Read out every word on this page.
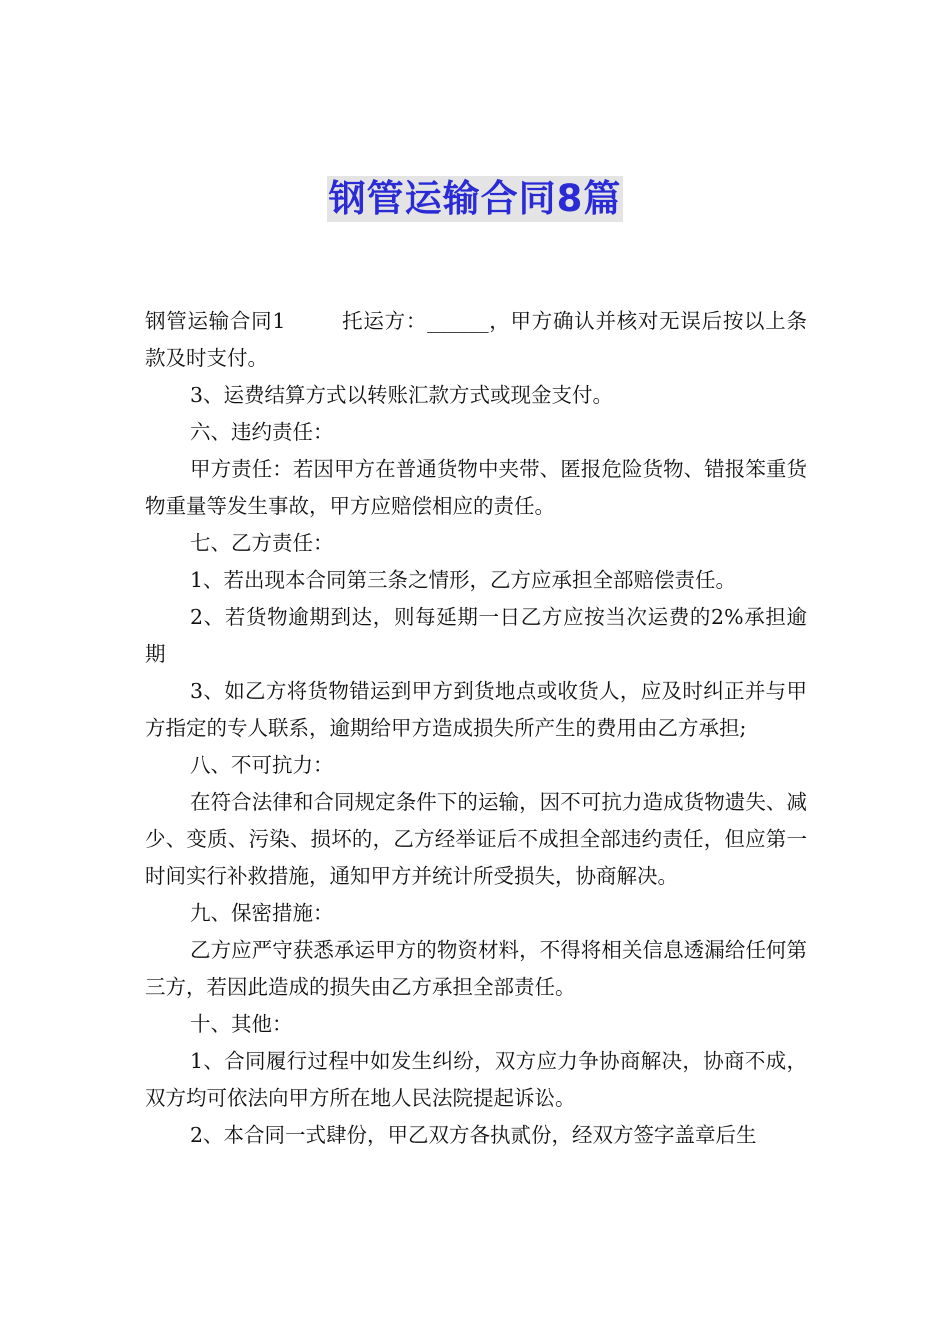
钢管运输合同8篇

钢管运输合同1	托运方：______，甲方确认并核对无误后按以上条款及时支付。

3、运费结算方式以转账汇款方式或现金支付。

六、违约责任：

甲方责任：若因甲方在普通货物中夹带、匿报危险货物、错报笨重货物重量等发生事故，甲方应赔偿相应的责任。

七、乙方责任：

1、若出现本合同第三条之情形，乙方应承担全部赔偿责任。

2、若货物逾期到达，则每延期一日乙方应按当次运费的2%承担逾期

3、如乙方将货物错运到甲方到货地点或收货人，应及时纠正并与甲方指定的专人联系，逾期给甲方造成损失所产生的费用由乙方承担;

八、不可抗力：

在符合法律和合同规定条件下的运输，因不可抗力造成货物遗失、减少、变质、污染、损坏的，乙方经举证后不成担全部违约责任，但应第一时间实行补救措施，通知甲方并统计所受损失，协商解决。

九、保密措施：

乙方应严守获悉承运甲方的物资材料，不得将相关信息透漏给任何第三方，若因此造成的损失由乙方承担全部责任。

十、其他：

1、合同履行过程中如发生纠纷，双方应力争协商解决，协商不成，双方均可依法向甲方所在地人民法院提起诉讼。

2、本合同一式肆份，甲乙双方各执贰份，经双方签字盖章后生
